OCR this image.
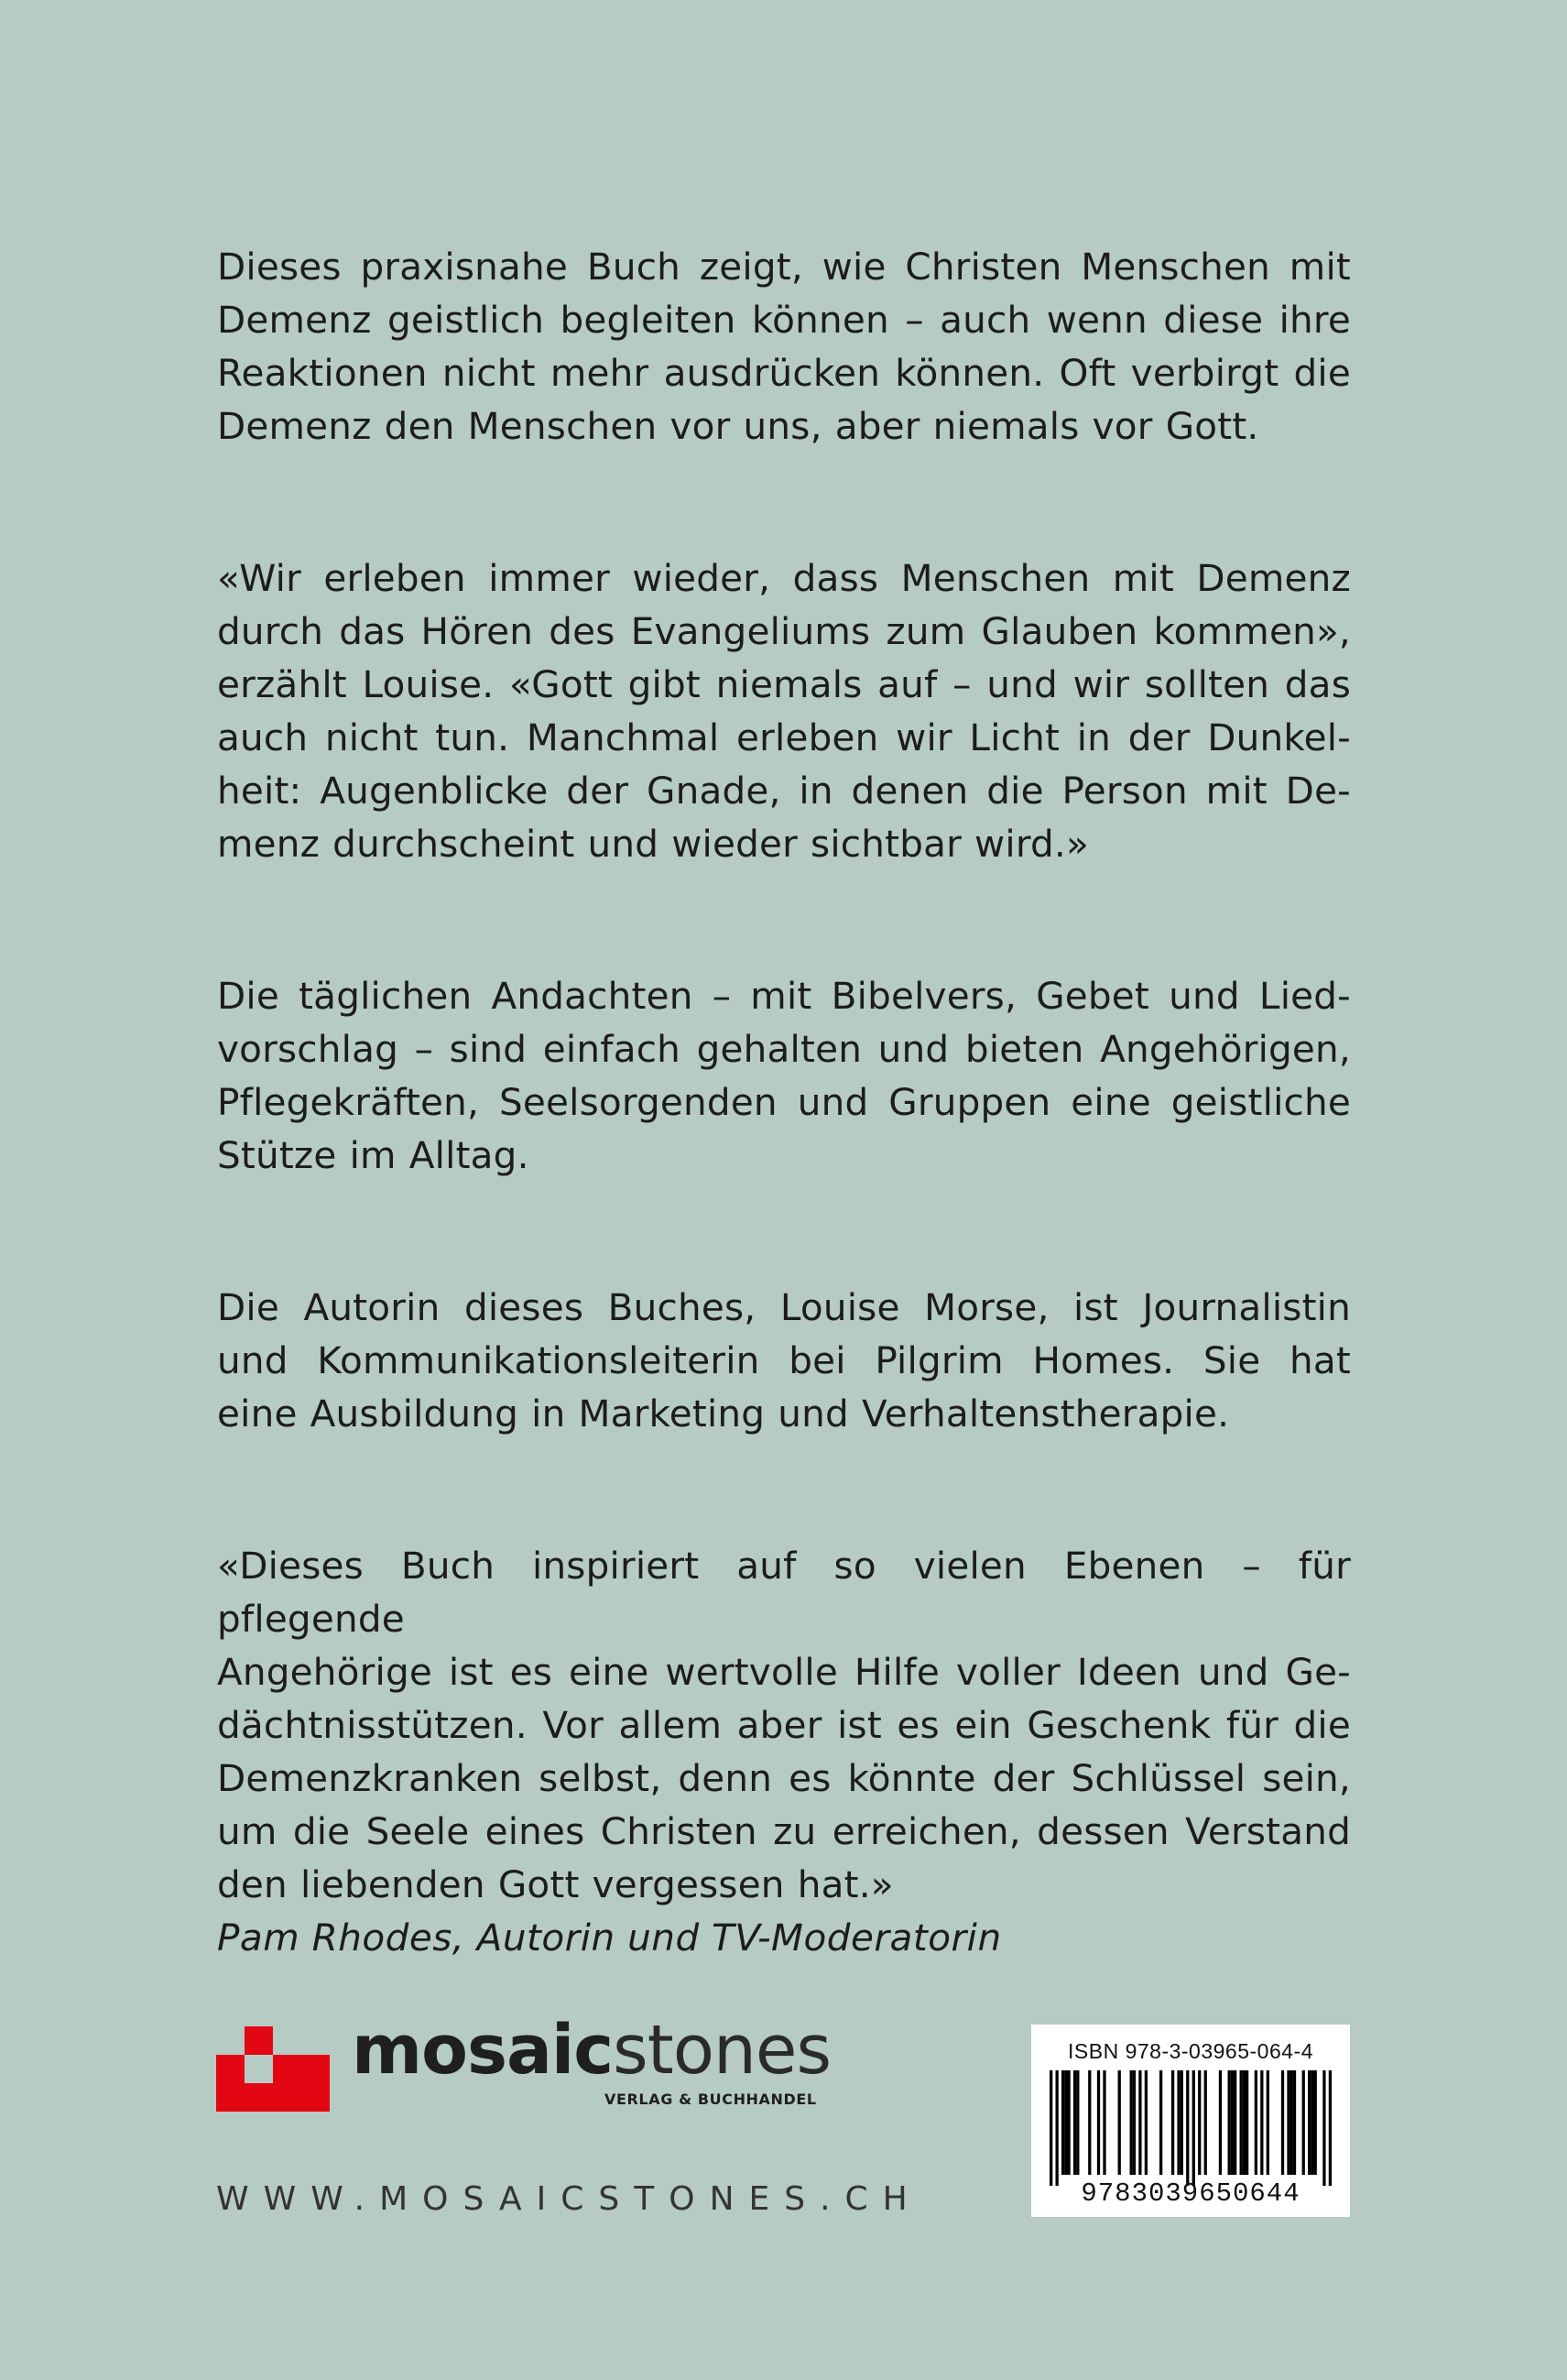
Dieses praxisnahe Buch zeigt, wie Christen Menschen mit
Demenz geistlich begleiten können – auch wenn diese ihre
Reaktionen nicht mehr ausdrücken können. Oft verbirgt die
Demenz den Menschen vor uns, aber niemals vor Gott.

«Wir erleben immer wieder, dass Menschen mit Demenz
durch das Hören des Evangeliums zum Glauben kommen»,
erzählt Louise. «Gott gibt niemals auf – und wir sollten das
auch nicht tun. Manchmal erleben wir Licht in der Dunkel-
heit: Augenblicke der Gnade, in denen die Person mit De-
menz durchscheint und wieder sichtbar wird.»

Die täglichen Andachten – mit Bibelvers, Gebet und Lied-
vorschlag – sind einfach gehalten und bieten Angehörigen,
Pflegekräften, Seelsorgenden und Gruppen eine geistliche
Stütze im Alltag.

Die Autorin dieses Buches, Louise Morse, ist Journalistin
und Kommunikationsleiterin bei Pilgrim Homes. Sie hat
eine Ausbildung in Marketing und Verhaltenstherapie.

«Dieses Buch inspiriert auf so vielen Ebenen – für pflegende
Angehörige ist es eine wertvolle Hilfe voller Ideen und Ge-
dächtnisstützen. Vor allem aber ist es ein Geschenk für die
Demenzkranken selbst, denn es könnte der Schlüssel sein,
um die Seele eines Christen zu erreichen, dessen Verstand
den liebenden Gott vergessen hat.»

Pam Rhodes, Autorin und TV-Moderatorin

mosaicstones
VERLAG & BUCHHANDEL
WWW.MOSAICSTONES.CH
ISBN 978-3-03965-064-4
9783039650644
